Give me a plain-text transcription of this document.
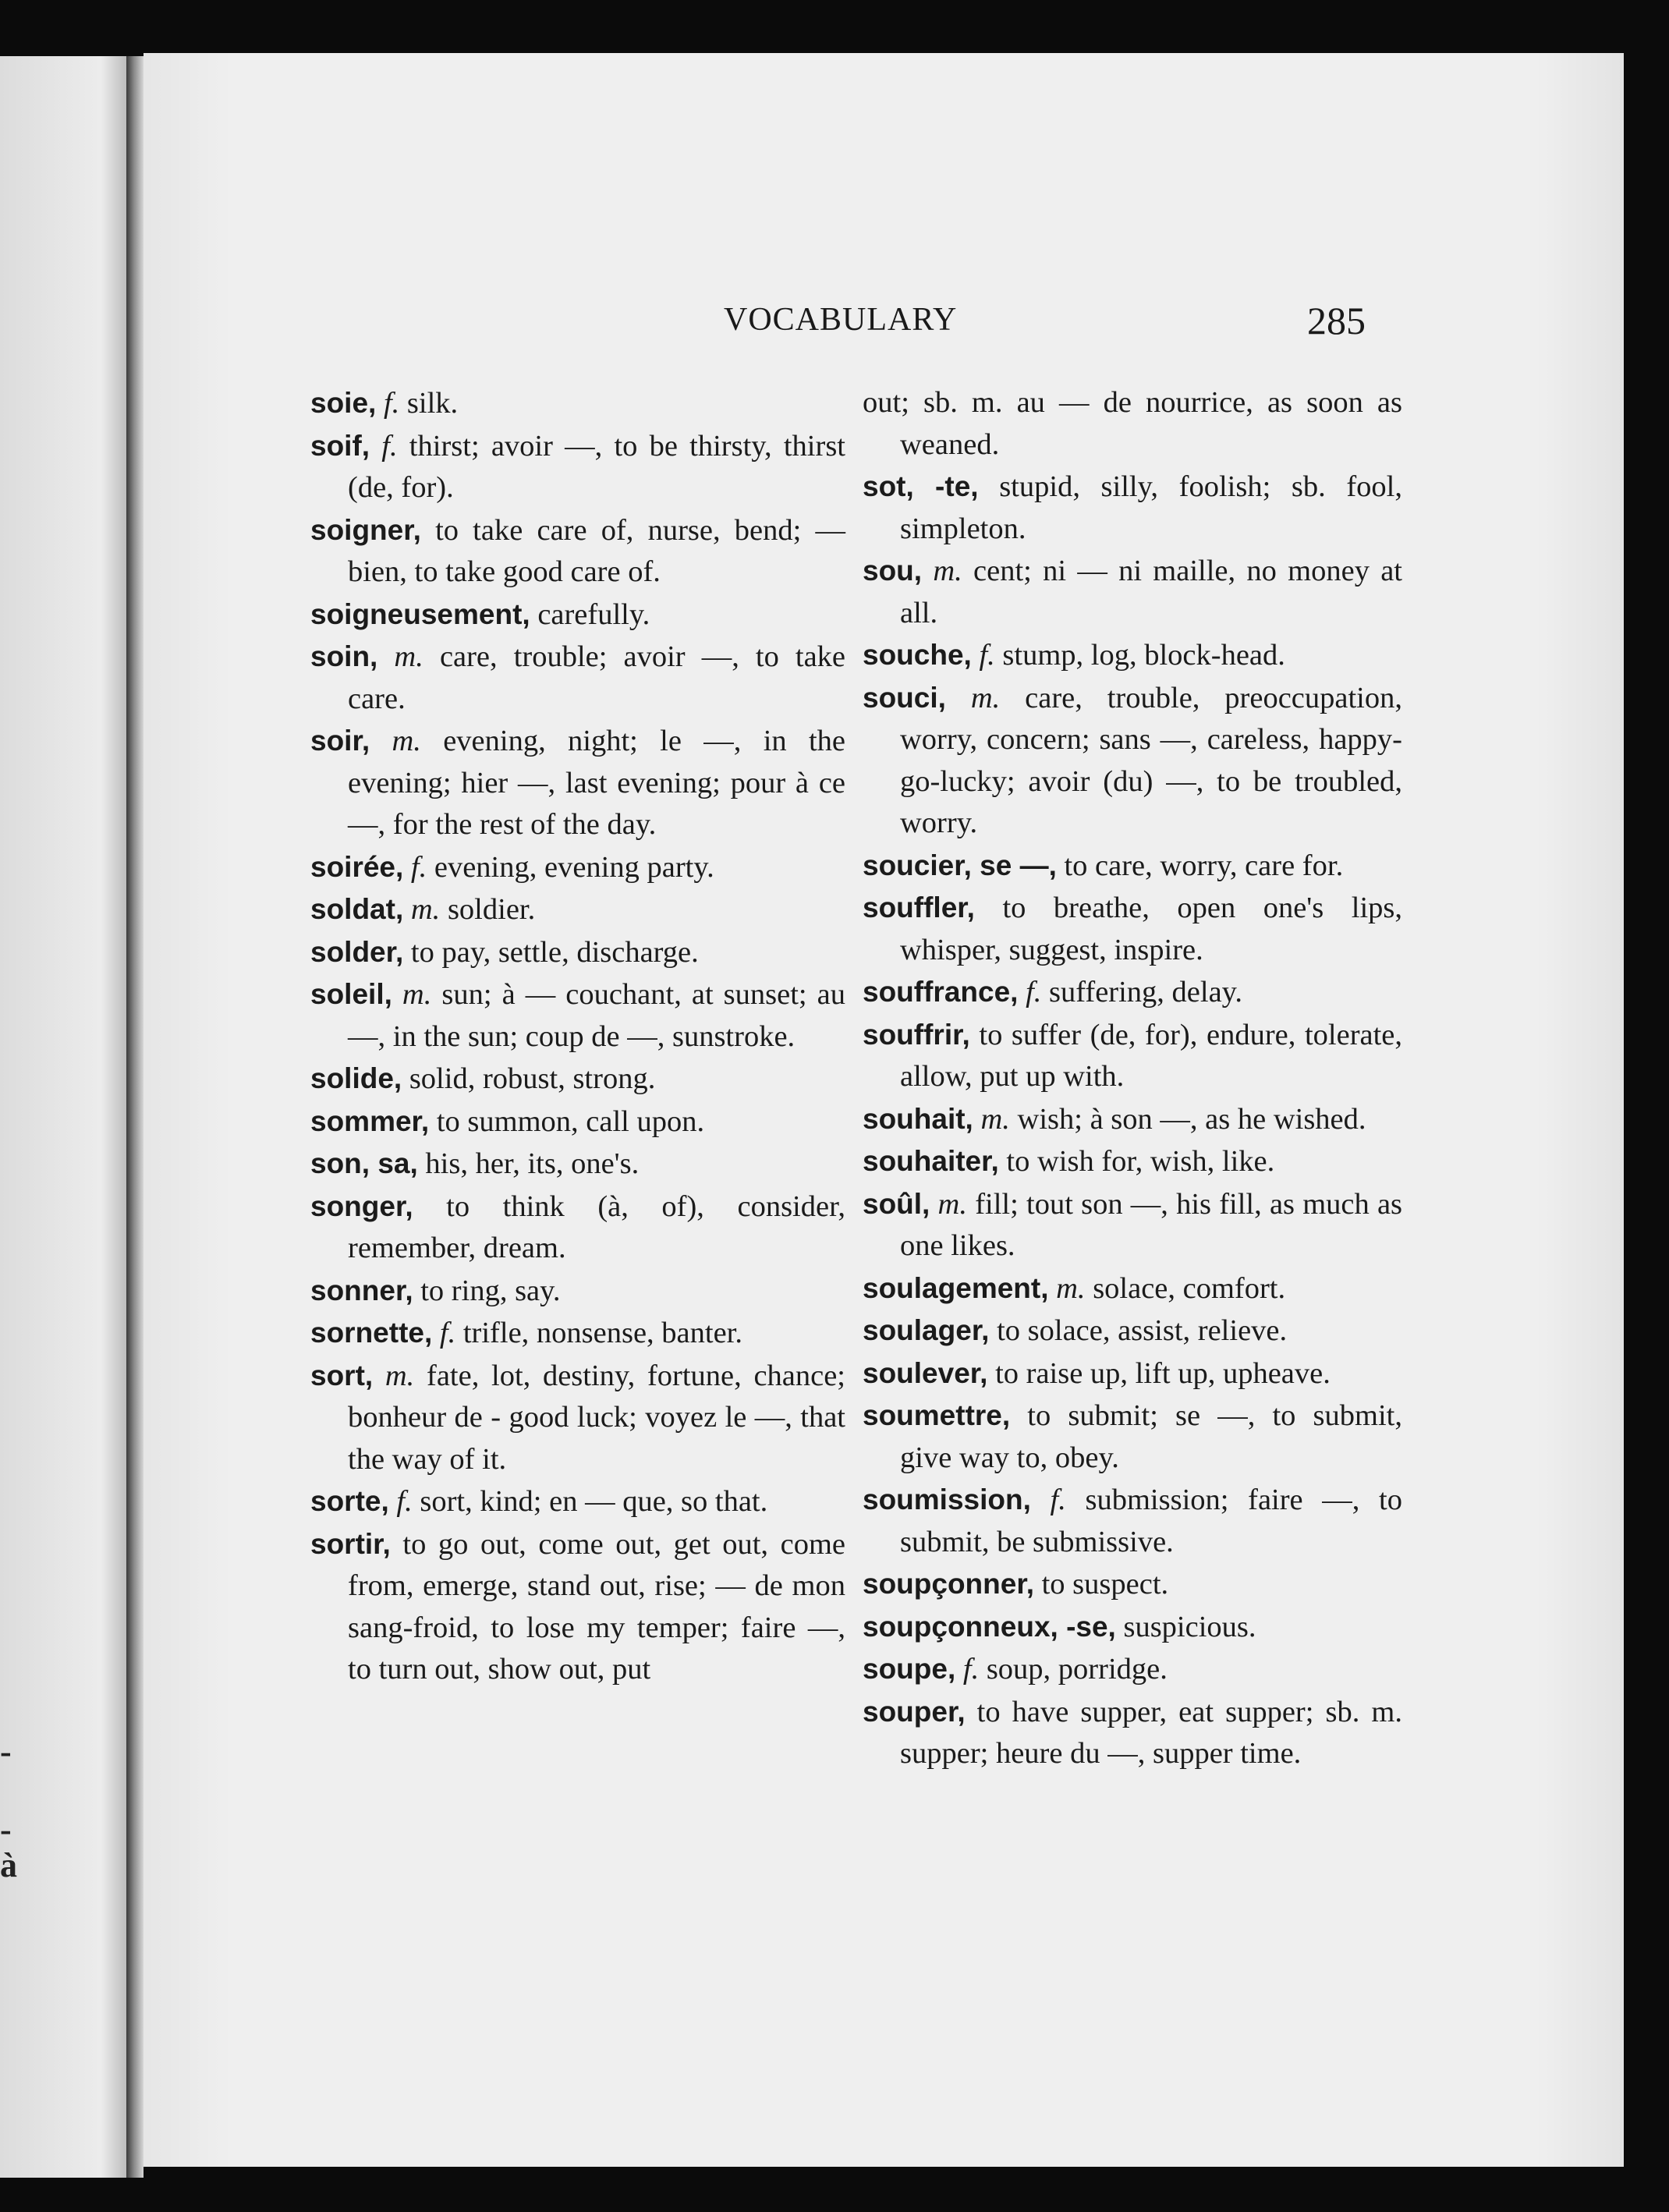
-
-
à
VOCABULARY	285

soie, f. silk.

soif, f. thirst; avoir —, to be thirsty, thirst (de, for).

soigner, to take care of, nurse, bend; — bien, to take good care of.

soigneusement, carefully.

soin, m. care, trouble; avoir —, to take care.

soir, m. evening, night; le —, in the evening; hier —, last evening; pour à ce —, for the rest of the day.

soirée, f. evening, evening party.

soldat, m. soldier.

solder, to pay, settle, discharge.

soleil, m. sun; à — couchant, at sunset; au —, in the sun; coup de —, sunstroke.

solide, solid, robust, strong.

sommer, to summon, call upon.

son, sa, his, her, its, one's.

songer, to think (à, of), consider, remember, dream.

sonner, to ring, say.

sornette, f. trifle, nonsense, banter.

sort, m. fate, lot, destiny, fortune, chance; bonheur de - good luck; voyez le —, that the way of it.

sorte, f. sort, kind; en — que, so that.

sortir, to go out, come out, get out, come from, emerge, stand out, rise; — de mon sang-froid, to lose my temper; faire —, to turn out, show out, put

out; sb. m. au — de nourrice, as soon as weaned.

sot, -te, stupid, silly, foolish; sb. fool, simpleton.

sou, m. cent; ni — ni maille, no money at all.

souche, f. stump, log, block-head.

souci, m. care, trouble, preoccupation, worry, concern; sans —, careless, happy-go-lucky; avoir (du) —, to be troubled, worry.

soucier, se —, to care, worry, care for.

souffler, to breathe, open one's lips, whisper, suggest, inspire.

souffrance, f. suffering, delay.

souffrir, to suffer (de, for), endure, tolerate, allow, put up with.

souhait, m. wish; à son —, as he wished.

souhaiter, to wish for, wish, like.

soûl, m. fill; tout son —, his fill, as much as one likes.

soulagement, m. solace, comfort.

soulager, to solace, assist, relieve.

soulever, to raise up, lift up, upheave.

soumettre, to submit; se —, to submit, give way to, obey.

soumission, f. submission; faire —, to submit, be submissive.

soupçonner, to suspect.

soupçonneux, -se, suspicious.

soupe, f. soup, porridge.

souper, to have supper, eat supper; sb. m. supper; heure du —, supper time.
